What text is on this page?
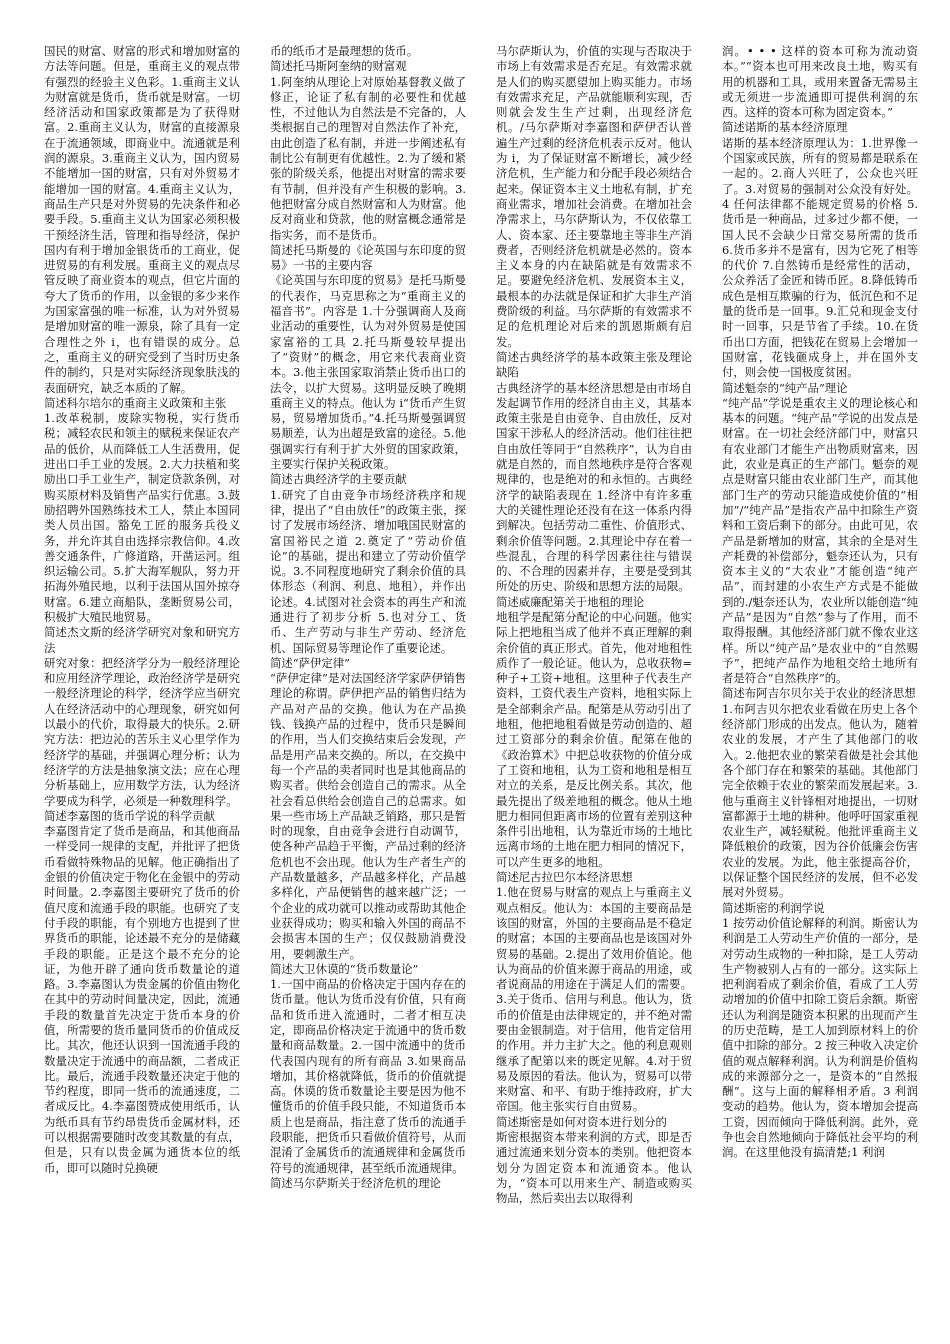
国民的财富、财富的形式和增加财富的方法等问题。但是，重商主义的观点带有强烈的经验主义色彩。1.重商主义认为财富就是货币，货币就是财富。一切经济活动和国家政策都是为了获得财富。2.重商主义认为，财富的直接源泉在于流通领域，即商业中。流通就是利润的源泉。3.重商主义认为，国内贸易不能增加一国的财富，只有对外贸易才能增加一国的财富。4.重商主义认为，商品生产只是对外贸易的先决条件和必要手段。5.重商主义认为国家必须积极干预经济生活，管理和指导经济，保护国内有利于增加金银货币的工商业，促进贸易的有利发展。重商主义的观点尽管反映了商业资本的观点，但它片面的夸大了货币的作用，以金银的多少来作为国家富强的唯一标准，认为对外贸易是增加财富的唯一源泉，除了具有一定合理性之外 i，也有错误的成分。总之，重商主义的研究受到了当时历史条件的制约，只是对实际经济现象肤浅的表面研究，缺乏本质的了解。

简述科尔培尔的重商主义政策和主张

1.改革税制，废除实物税，实行货币税；减轻农民和领主的赋税来保证农产品的低价，从而降低工人生活费用，促进出口手工业的发展。2.大力扶植和奖励出口手工业生产，制定贷款条例，对购买原材料及销售产品实行优惠。3.鼓励招聘外国熟练技术工人，禁止本国同类人员出国。豁免工匠的服务兵役义务，并允许其自由选择宗教信仰。4.改善交通条件，广修道路，开凿运河。组织运输公司。5.扩大海军舰队，努力开拓海外殖民地，以利于法国从国外掠夺财富。6.建立商船队，垄断贸易公司，积极扩大殖民地贸易。

简述杰文斯的经济学研究对象和研究方法

研究对象：把经济学分为一般经济理论和应用经济学理论，政治经济学是研究一般经济理论的科学，经济学应当研究人在经济活动中的心理现象，研究如何以最小的代价，取得最大的快乐。2.研究方法：把边沁的苦乐主义心里学作为经济学的基础，并强调心理分析；认为经济学的方法是抽象演文法；应在心理分析基础上，应用数学方法，认为经济学要成为科学，必须是一种数理科学。

简述李嘉图的货币学说的科学贡献

李嘉图肯定了货币是商品，和其他商品一样受同一规律的支配，并批评了把货币看做特殊物品的见解。他正确指出了金银的价值决定于物化在金银中的劳动时间量。2.李嘉图主要研究了货币的价值尺度和流通手段的职能。也研究了支付手段的职能，有个别地方也提到了世界货币的职能，论述最不充分的是储藏手段的职能。正是这个最不充分的论证，为他开辟了通向货币数量论的道路。3.李嘉图认为贵金属的价值由物化在其中的劳动时间量决定，因此，流通手段的数量首先决定于货币本身的价值，所需要的货币量同货币的价值成反比。其次，他还认识到一国流通手段的数量决定于流通中的商品额，二者成正比。最后，流通手段数量还决定于他的节约程度，即同一货币的流通速度，二者成反比。4.李嘉图赞成使用纸币，认为纸币具有节约昂贵货币金属材料，还可以根据需要随时改变其数量的有点，但是，只有以贵金属为通货本位的纸币，即可以随时兑换硬

币的纸币才是最理想的货币。

简述托马斯阿奎纳的财富观

1.阿奎纳从理论上对原始基督教义做了修正，论证了私有制的必要性和优越性，不过他认为自然法是不完备的，人类根据自己的理智对自然法作了补充，由此创造了私有制，并进一步阐述私有制比公有制更有优越性。2.为了缓和紧张的阶级关系，他提出对财富的需求要有节制，但并没有产生积极的影响。3.他把财富分成自然财富和人为财富。他反对商业和贷款，他的财富概念通常是指实务，而不是货币。

简述托马斯曼的《论英国与东印度的贸易》一书的主要内容

《论英国与东印度的贸易》是托马斯曼的代表作，马克思称之为“重商主义的福音书”。内容是 1.十分强调商人及商业活动的重要性，认为对外贸易是使国家富裕的工具 2.托马斯曼较早提出了“资财”的概念，用它来代表商业资本。3.他主张国家取消禁止货币出口的法令，以扩大贸易。这明显反映了晚期重商主义的特点。他认为 i“货币产生贸易，贸易增加货币。”4.托马斯曼强调贸易顺差，认为出超是致富的途径。5.他强调实行有利于扩大外贸的国家政策，主要实行保护关税政策。

简述古典经济学的主要贡献

1.研究了自由竞争市场经济秩序和规律，提出了“自由放任”的政策主张，探讨了发展市场经济、增加哦国民财富的富国裕民之道 2.奠定了“劳动价值论”的基础，提出和建立了劳动价值学说。3.不同程度地研究了剩余价值的具体形态（利润、利息、地租），并作出论述。4.试图对社会资本的再生产和流通进行了初步分析 5.也对分工、货币、生产劳动与非生产劳动、经济危机、国际贸易等理论作了重要论述。

简述“萨伊定律”

“萨伊定律”是对法国经济学家萨伊销售理论的称谓。萨伊把产品的销售归结为产品对产品的交换。他认为在产品换钱、钱换产品的过程中，货币只是瞬间的作用，当人们交换结束后会发现，产品是用产品来交换的。所以，在交换中每一个产品的卖者同时也是其他商品的购买者。供给会创造自己的需求。从全社会看总供给会创造自己的总需求。如果一些市场上产品缺乏销路，那只是暂时的现象，自由竞争会进行自动调节，使各种产品趋于平衡，产品过剩的经济危机也不会出现。他认为生产者生产的产品数量越多，产品越多样化，产品越多样化，产品便销售的越来越广泛；一个企业的成功就可以推动或帮助其他企业获得成功；购买和输入外国的商品不会损害本国的生产；仅仅鼓励消费没用，要刺激生产。

简述大卫休谟的“货币数量论”

1.一国中商品的价格决定于国内存在的货币量。他认为货币没有价值，只有商品和货币进入流通时，二者才相互决定，即商品价格决定于流通中的货币数量和商品数量。2.一国中流通中的货币代表国内现有的所有商品 3.如果商品增加，其价格就降低，货币的价值就提高。休谟的货币数量论主要是因为他不懂货币的价值手段只能，不知道货币本质上也是商品，指注意了货币的流通手段职能，把货币只看做价值符号，从而混淆了金属货币的流通规律和金属货币符号的流通规律，甚至纸币流通规律。

简述马尔萨斯关于经济危机的理论

马尔萨斯认为，价值的实现与否取决于市场上有效需求是否充足。有效需求就是人们的购买愿望加上购买能力。市场有效需求充足，产品就能顺利实现，否则就会发生生产过剩，出现经济危机。/马尔萨斯对李嘉图和萨伊否认普遍生产过剩的经济危机表示反对。他认为 i，为了保证财富不断增长，减少经济危机，生产能力和分配手段必须结合起来。保证资本主义土地私有制，扩充商业需求，增加社会消费。在增加社会净需求上，马尔萨斯认为，不仅依靠工人、资本家、还主要靠地主等非生产消费者，否则经济危机就是必然的。资本主义本身的内在缺陷就是有效需求不足。要避免经济危机、发展资本主义，最根本的办法就是保证和扩大非生产消费阶级的利益。马尔萨斯的有效需求不足的危机理论对后来的凯恩斯颇有启发。

简述古典经济学的基本政策主张及理论缺陷

古典经济学的基本经济思想是由市场自发起调节作用的经济自由主义，其基本政策主张是自由竞争、自由放任，反对国家干涉私人的经济活动。他们往往把自由放任等同于“自然秩序”，认为自由就是自然的，而自然地秩序是符合客观规律的，也是绝对的和永恒的。古典经济学的缺陷表现在 1.经济中有许多重大的关键性理论还没有在这一体系内得到解决。包括劳动二重性、价值形式、剩余价值等问题。2.其理论中存在着一些混乱，合理的科学因素往往与错误的、不合理的因素并存，主要是受到其所处的历史、阶级和思想方法的局限。

简述威廉配第关于地租的理论

地租学是配第分配论的中心问题。他实际上把地租当成了他并不真正理解的剩余价值的真正形式。首先，他对地租性质作了一般论证。他认为，总收获物=种子+工资+地租。这里种子代表生产资料，工资代表生产资料，地租实际上是全部剩余产品。配第是从劳动引出了地租，他把地租看做是劳动创造的、超过工资部分的剩余价值。配第在他的《政治算术》中把总收获物的价值分成了工资和地租，认为工资和地租是相互对立的关系，是反比例关系。其次，他最先提出了级差地租的概念。他从土地肥力相同但距离市场的位置有差别这种条件引出地租，认为靠近市场的土地比远离市场的土地在肥力相同的情况下，可以产生更多的地租。

简述尼古拉巴尔本经济思想

1.他在贸易与财富的观点上与重商主义观点相反。他认为：本国的主要商品是该国的财富，外国的主要商品是不稳定的财富；本国的主要商品也是该国对外贸易的基础。2.提出了效用价值论。他认为商品的价值来源于商品的用途，或者说商品的用途在于满足人们的需要。3.关于货币、信用与利息。他认为，货币的价值是由法律规定的，并不绝对需要由金银制造。对于信用，他肯定信用的作用。并力主扩大之。他的利息观则继承了配第以来的既定见解。4.对于贸易及原因的看法。他认为，贸易可以带来财富、和平、有助于维持政府，扩大帝国。他主张实行自由贸易。

简述斯密是如何对资本进行划分的

斯密根据资本带来利润的方式，即是否通过流通来划分资本的类别。他把资本划分为固定资本和流通资本。他认为，“资本可以用来生产、制造或购买物品，然后卖出去以取得利

润。• • • 这样的资本可称为流动资本。”“资本也可用来改良土地，购买有用的机器和工具，或用来置备无需易主或无须进一步流通即可提供利润的东西。这样的资本可称为固定资本。”

简述诺斯的基本经济原理

诺斯的基本经济原理认为：1.世界像一个国家或民族，所有的贸易都是联系在一起的。2.商人兴旺了，公众也兴旺了。3.对贸易的强制对公众没有好处。4 任何法律都不能规定贸易的价格 5.货币是一种商品，过多过少都不便，一国人民不会缺少日常交易所需的货币 6.货币多并不是富有，因为它死了相等的代价 7.自然铸币是经常性的活动，公众养活了金匠和铸币匠。8.降低铸币成色是相互欺骗的行为，低沉色和不足量的货币是一回事。9.汇兑和现金支付时一回事，只是节省了手续。10.在货币出口方面，把钱花在贸易上会增加一国财富，花钱砸成身上，并在国外支付，则会使一国极度贫困。

简述魁奈的“纯产品”理论

“纯产品”学说是重农主义的理论核心和基本的问题。“纯产品”学说的出发点是财富。在一切社会经济部门中，财富只有农业部门才能生产出物质财富来，因此，农业是真正的生产部门。魁奈的观点是财富只能由农业部门生产，而其他部门生产的劳动只能造成使价值的“相加”/“纯产品”是指农产品中扣除生产资料和工资后剩下的部分。由此可见，农产品是新增加的财富，其余的全是对生产耗费的补偿部分，魁奈还认为，只有资本主义的“大农业”才能创造“纯产品”，而封建的小农生产方式是不能做到的./魁奈还认为，农业所以能创造“纯产品”是因为“自然”参与了作用，而不取得报酬。其他经济部门就不像农业这样。所以“纯产品”是农业中的“自然赐予”，把纯产品作为地租交给土地所有者是符合“自然秩序”的。

简述布阿吉尔贝尔关于农业的经济思想

1.布阿吉贝尔把农业看做在历史上各个经济部门形成的出发点。他认为，随着农业的发展，才产生了其他部门的收入。2.他把农业的繁荣看做是社会其他各个部门存在和繁荣的基础。其他部门完全依赖于农业的繁荣而发展起来。3.他与重商主义针锋相对地提出，一切财富都源于土地的耕种。他呼吁国家重视农业生产，减轻赋税。他批评重商主义降低粮价的政策，因为谷价低廉会伤害农业的发展。为此，他主张提高谷价，以保证整个国民经济的发展，但不必发展对外贸易。

简述斯密的利润学说

1 按劳动价值论解释的利润。斯密认为利润是工人劳动生产价值的一部分，是对劳动生成物的一种扣除，是工人劳动生产物被别人占有的一部分。这实际上把利润看成了剩余价值，看成了工人劳动增加的价值中扣除工资后余额。斯密还认为利润是随资本积累的出现而产生的历史范畴，是工人加到原材料上的价值中扣除的部分。2 按三种收入决定价值的观点解释利润。认为利润是价值构成的来源部分之一，是资本的“自然报酬”。这与上面的解释相矛盾。3 利润变动的趋势。他认为，资本增加会提高工资，因而倾向于降低利润。此外，竞争也会自然地倾向于降低社会平均的利润。在这里他没有搞清楚;1 利润
